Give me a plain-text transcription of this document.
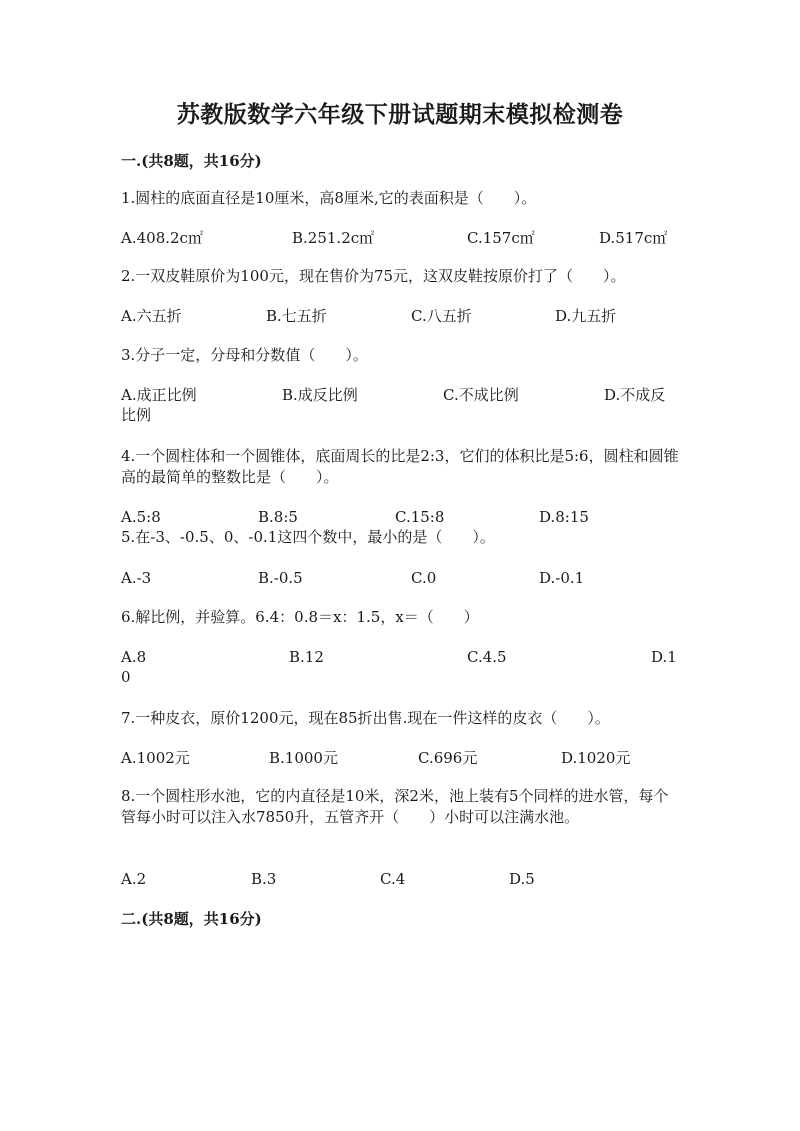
苏教版数学六年级下册试题期末模拟检测卷
一.(共8题，共16分)
1.圆柱的底面直径是10厘米，高8厘米,它的表面积是（　　）。
A.408.2c㎡	B.251.2c㎡	C.157c㎡	D.517c㎡
2.一双皮鞋原价为100元，现在售价为75元，这双皮鞋按原价打了（　　）。
A.六五折	B.七五折	C.八五折	D.九五折
3.分子一定，分母和分数值（　　）。
A.成正比例	B.成反比例	C.不成比例	D.不成反
比例
4.一个圆柱体和一个圆锥体，底面周长的比是2:3，它们的体积比是5:6，圆柱和圆锥高的最简单的整数比是（　　）。
A.5:8	B.8:5	C.15:8	D.8:15
5.在-3、-0.5、0、-0.1这四个数中，最小的是（　　）。
A.-3	B.-0.5	C.0	D.-0.1
6.解比例，并验算。6.4：0.8＝x：1.5，x＝（　　）
A.8	B.12	C.4.5	D.1
0
7.一种皮衣，原价1200元，现在85折出售.现在一件这样的皮衣（　　）。
A.1002元	B.1000元	C.696元	D.1020元
8.一个圆柱形水池，它的内直径是10米，深2米，池上装有5个同样的进水管，每个管每小时可以注入水7850升，五管齐开（　　）小时可以注满水池。
A.2	B.3	C.4	D.5
二.(共8题，共16分)
